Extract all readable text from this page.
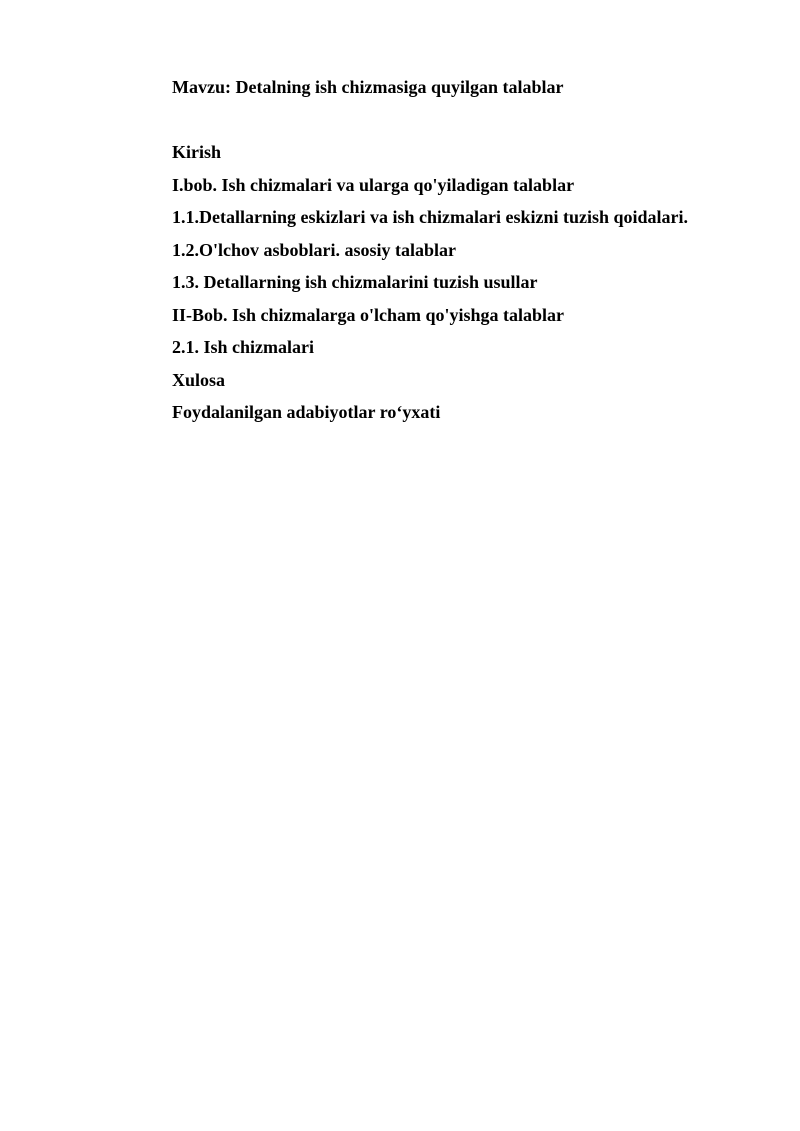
Mavzu: Detalning ish chizmasiga quyilgan talablar

Kirish
I.bob. Ish chizmalari va ularga qo'yiladigan talablar
1.1.Detallarning eskizlari va ish chizmalari eskizni tuzish qoidalari.
1.2.O'lchov asboblari. asosiy talablar
1.3. Detallarning ish chizmalarini tuzish usullar
II-Bob. Ish chizmalarga o'lcham qo'yishga talablar
2.1. Ish chizmalari
Xulosa
Foydalanilgan adabiyotlar ro‘yxati
